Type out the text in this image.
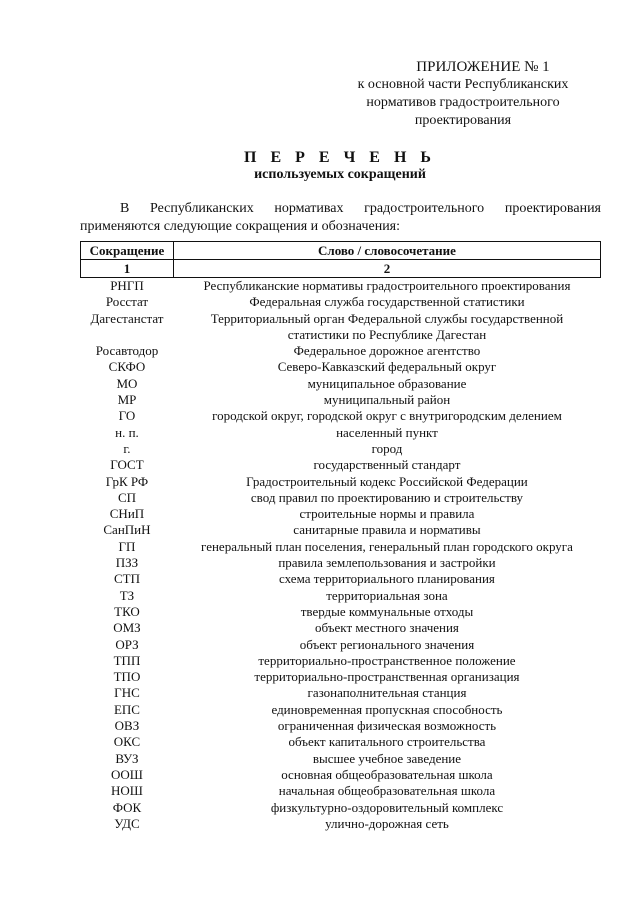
ПРИЛОЖЕНИЕ № 1
к основной части Республиканских
нормативов градостроительного
проектирования
П Е Р Е Ч Е Н Ь
используемых сокращений
В Республиканских нормативах градостроительного проектирования
применяются следующие сокращения и обозначения:
Сокращение	Слово / словосочетание
1	2
РНГП	Республиканские нормативы градостроительного проектирования

Росстат	Федеральная служба государственной статистики

Дагестанстат	Территориальный орган Федеральной службы государственной
статистики по Республике Дагестан

Росавтодор	Федеральное дорожное агентство

СКФО	Северо-Кавказский федеральный округ

МО	муниципальное образование

МР	муниципальный район

ГО	городской округ, городской округ с внутригородским делением

н. п.	населенный пункт

г.	город

ГОСТ	государственный стандарт

ГрК РФ	Градостроительный кодекс Российской Федерации

СП	свод правил по проектированию и строительству

СНиП	строительные нормы и правила

СанПиН	санитарные правила и нормативы

ГП	генеральный план поселения, генеральный план городского округа

ПЗЗ	правила землепользования и застройки

СТП	схема территориального планирования

ТЗ	территориальная зона

ТКО	твердые коммунальные отходы

ОМЗ	объект местного значения

ОРЗ	объект регионального значения

ТПП	территориально-пространственное положение

ТПО	территориально-пространственная организация

ГНС	газонаполнительная станция

ЕПС	единовременная пропускная способность

ОВЗ	ограниченная физическая возможность

ОКС	объект капитального строительства

ВУЗ	высшее учебное заведение

ООШ	основная общеобразовательная школа

НОШ	начальная общеобразовательная школа

ФОК	физкультурно-оздоровительный комплекс

УДС	улично-дорожная сеть
